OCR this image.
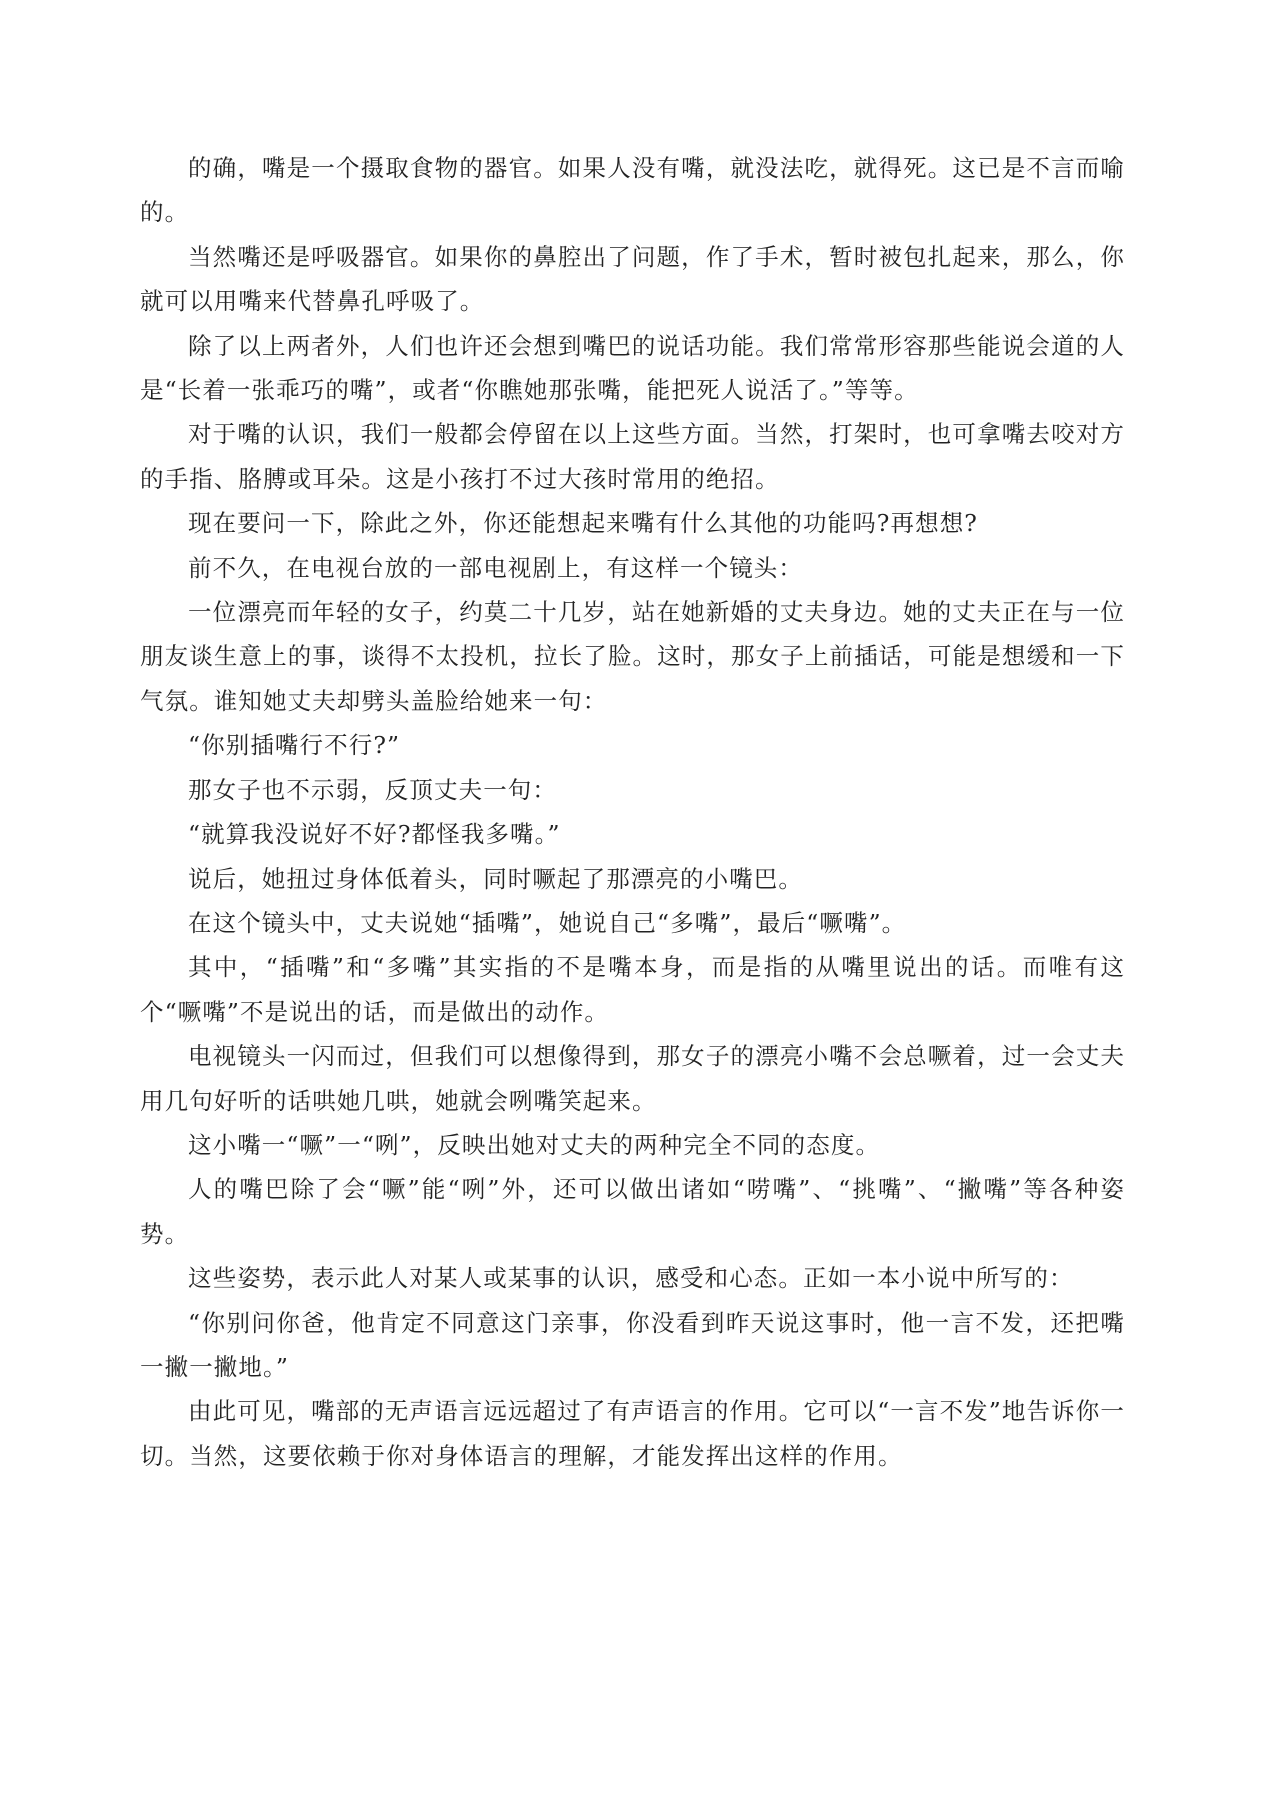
的确，嘴是一个摄取食物的器官。如果人没有嘴，就没法吃，就得死。这已是不言而喻的。

当然嘴还是呼吸器官。如果你的鼻腔出了问题，作了手术，暂时被包扎起来，那么，你就可以用嘴来代替鼻孔呼吸了。

除了以上两者外，人们也许还会想到嘴巴的说话功能。我们常常形容那些能说会道的人是“长着一张乖巧的嘴”，或者“你瞧她那张嘴，能把死人说活了。”等等。

对于嘴的认识，我们一般都会停留在以上这些方面。当然，打架时，也可拿嘴去咬对方的手指、胳膊或耳朵。这是小孩打不过大孩时常用的绝招。

现在要问一下，除此之外，你还能想起来嘴有什么其他的功能吗?再想想?

前不久，在电视台放的一部电视剧上，有这样一个镜头：

一位漂亮而年轻的女子，约莫二十几岁，站在她新婚的丈夫身边。她的丈夫正在与一位朋友谈生意上的事，谈得不太投机，拉长了脸。这时，那女子上前插话，可能是想缓和一下气氛。谁知她丈夫却劈头盖脸给她来一句：

“你别插嘴行不行?”

那女子也不示弱，反顶丈夫一句：

“就算我没说好不好?都怪我多嘴。”

说后，她扭过身体低着头，同时噘起了那漂亮的小嘴巴。

在这个镜头中，丈夫说她“插嘴”，她说自己“多嘴”，最后“噘嘴”。

其中，“插嘴”和“多嘴”其实指的不是嘴本身，而是指的从嘴里说出的话。而唯有这个“噘嘴”不是说出的话，而是做出的动作。

电视镜头一闪而过，但我们可以想像得到，那女子的漂亮小嘴不会总噘着，过一会丈夫用几句好听的话哄她几哄，她就会咧嘴笑起来。

这小嘴一“噘”一“咧”，反映出她对丈夫的两种完全不同的态度。

人的嘴巴除了会“噘”能“咧”外，还可以做出诸如“唠嘴”、“挑嘴”、“撇嘴”等各种姿势。

这些姿势，表示此人对某人或某事的认识，感受和心态。正如一本小说中所写的：

“你别问你爸，他肯定不同意这门亲事，你没看到昨天说这事时，他一言不发，还把嘴一撇一撇地。”

由此可见，嘴部的无声语言远远超过了有声语言的作用。它可以“一言不发”地告诉你一切。当然，这要依赖于你对身体语言的理解，才能发挥出这样的作用。
